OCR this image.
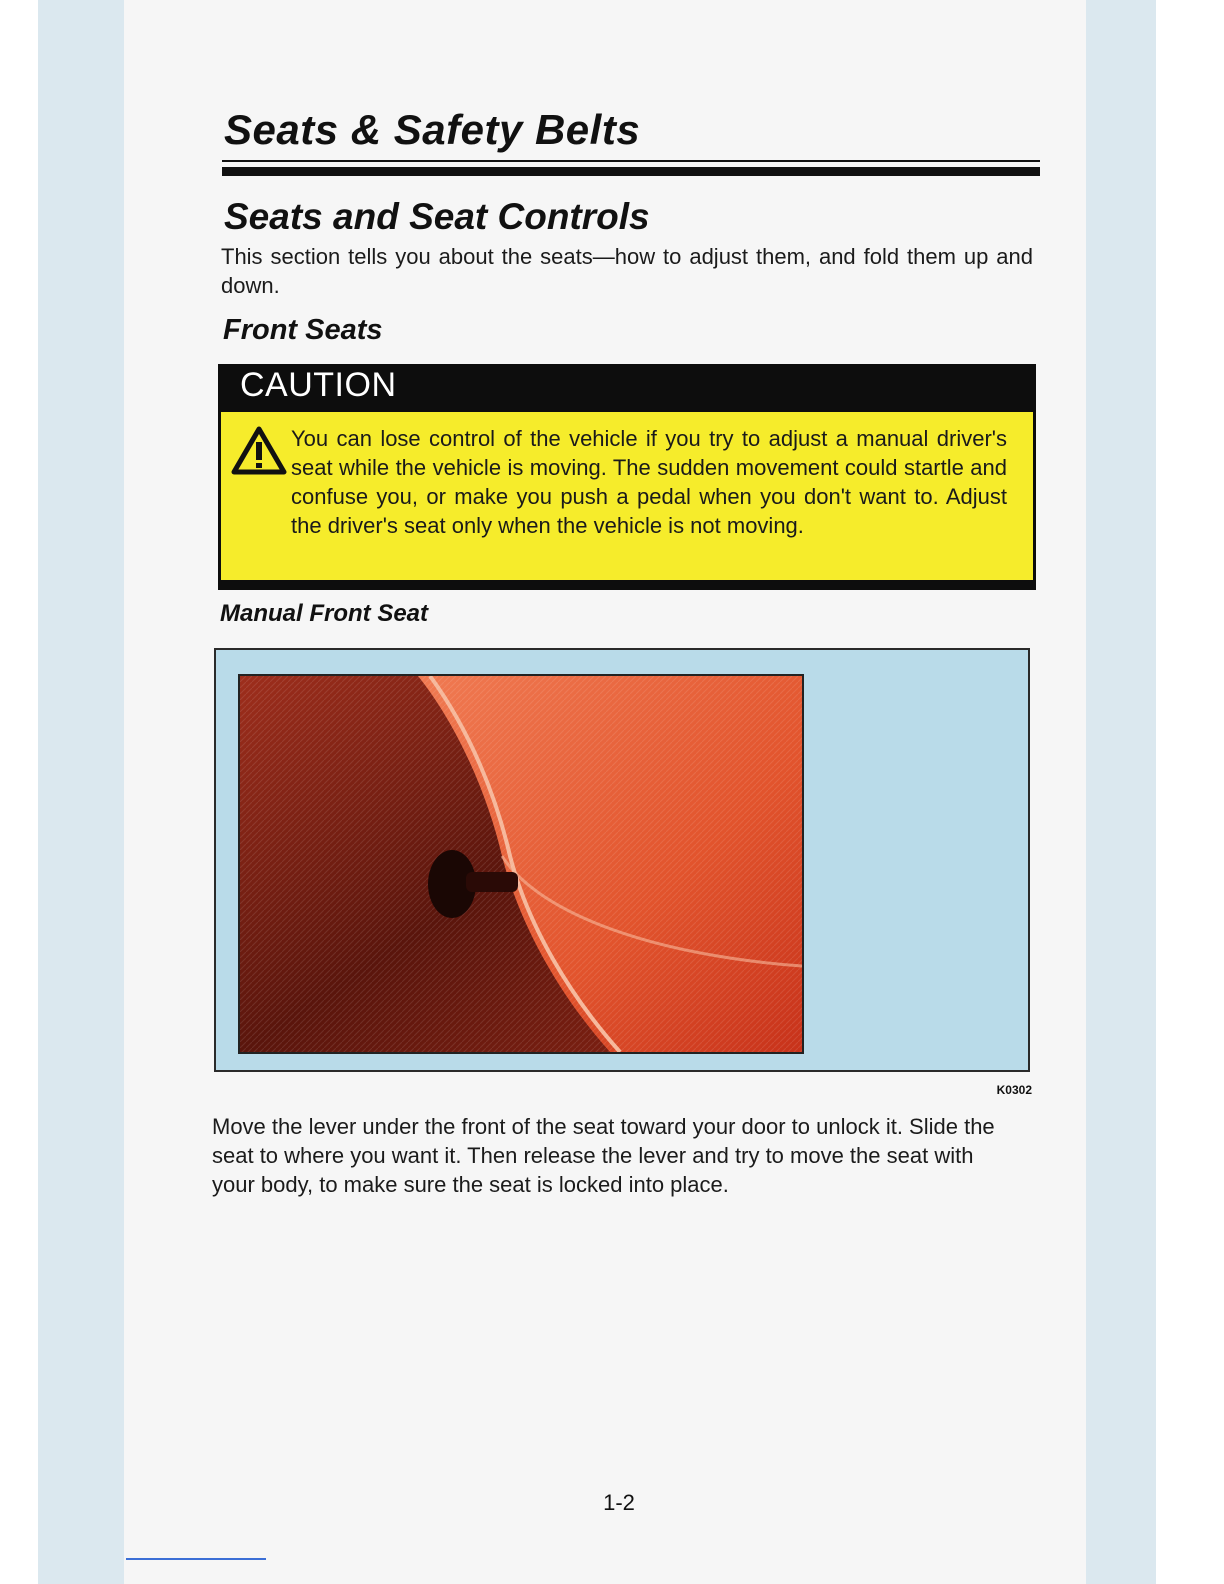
Seats & Safety Belts
Seats and Seat Controls

This section tells you about the seats—how to adjust them, and fold them up and down.

Front Seats
CAUTION

You can lose control of the vehicle if you try to adjust a manual driver's seat while the vehicle is moving. The sudden movement could startle and confuse you, or make you push a pedal when you don't want to. Adjust the driver's seat only when the vehicle is not moving.

Manual Front Seat

K0302

Move the lever under the front of the seat toward your door to unlock it. Slide the seat to where you want it. Then release the lever and try to move the seat with your body, to make sure the seat is locked into place.

1-2
